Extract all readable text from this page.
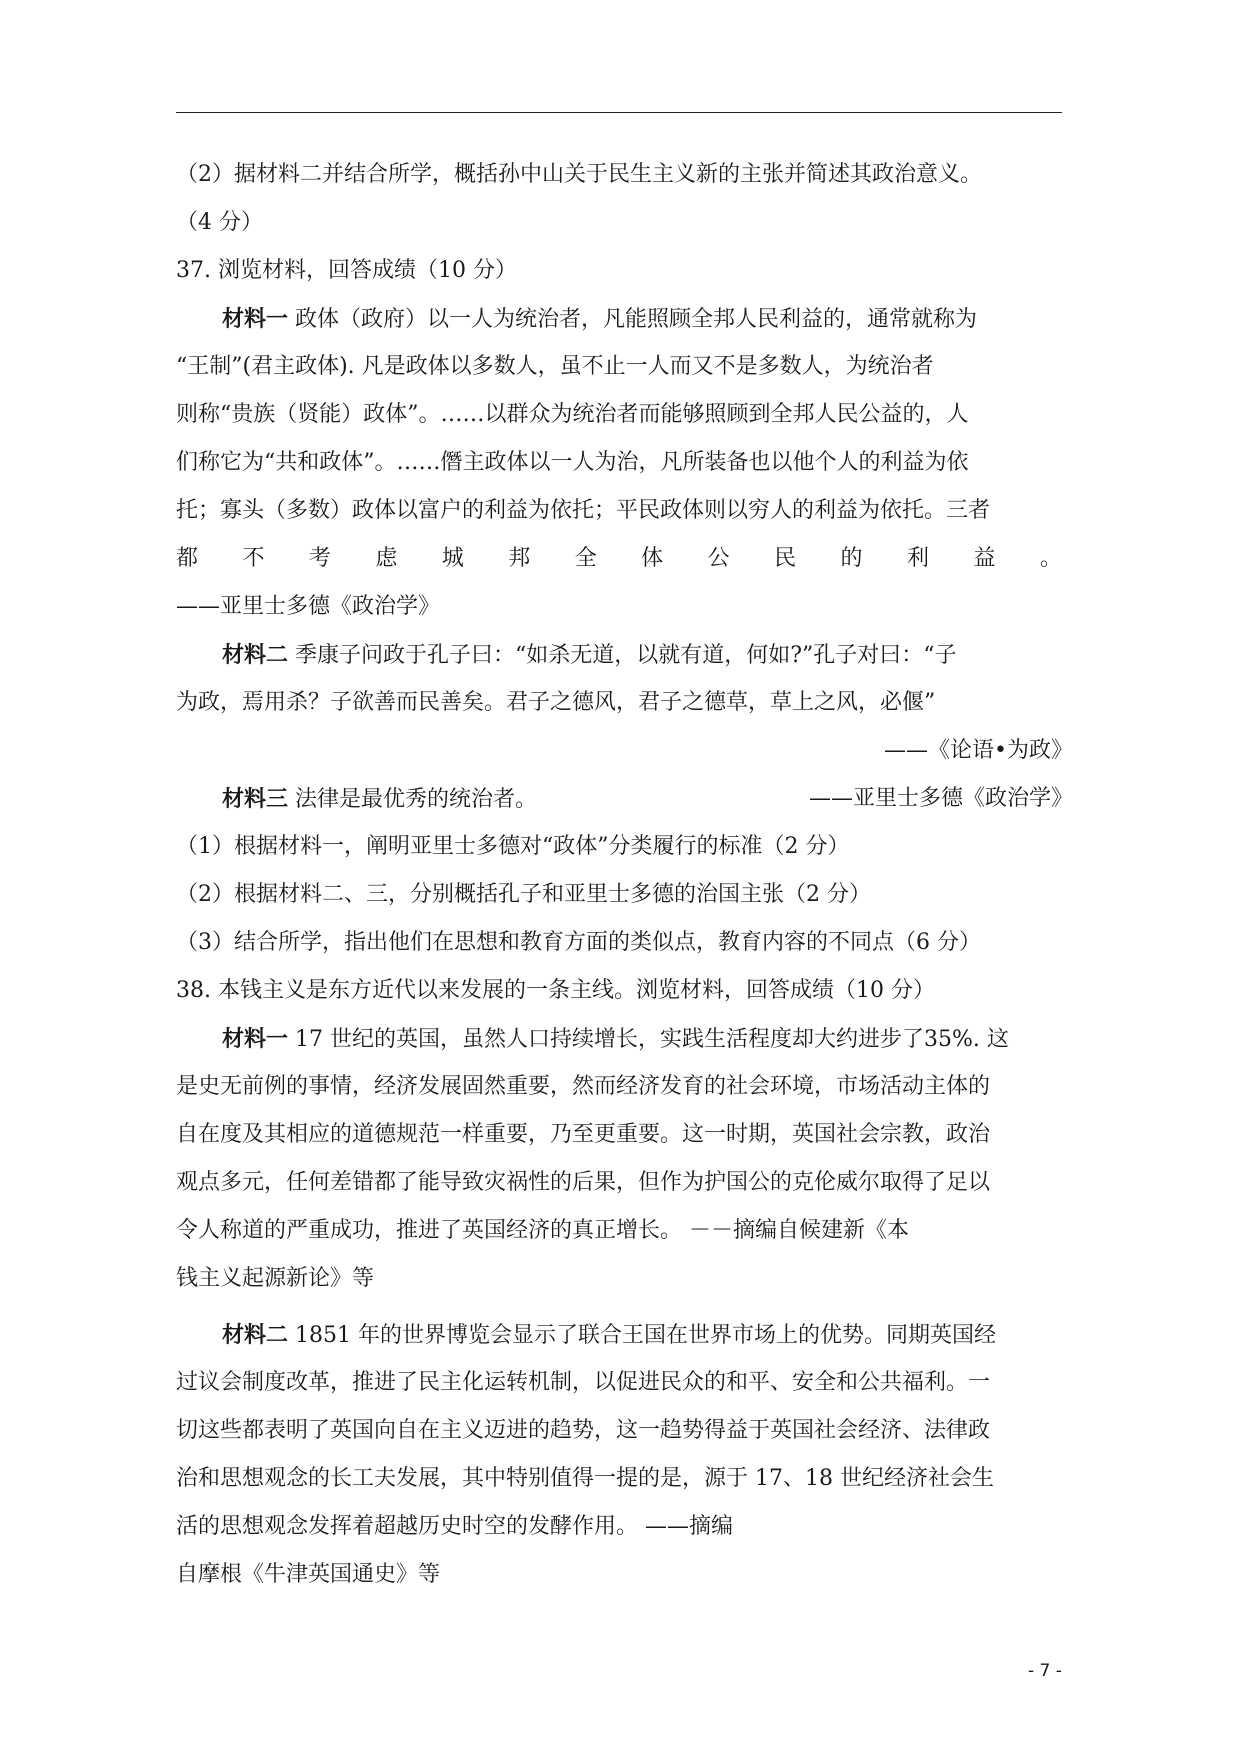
（2）据材料二并结合所学，概括孙中山关于民生主义新的主张并简述其政治意义。
（4 分）
37. 浏览材料，回答成绩（10 分）
材料一 政体（政府）以一人为统治者，凡能照顾全邦人民利益的，通常就称为
“王制”(君主政体). 凡是政体以多数人，虽不止一人而又不是多数人，为统治者
则称“贵族（贤能）政体”。……以群众为统治者而能够照顾到全邦人民公益的，人
们称它为“共和政体”。……僭主政体以一人为治，凡所装备也以他个人的利益为依
托；寡头（多数）政体以富户的利益为依托；平民政体则以穷人的利益为依托。三者
都 不 考 虑 城 邦 全 体 公 民 的 利 益 。
——亚里士多德《政治学》
材料二 季康子问政于孔子曰：“如杀无道，以就有道，何如?”孔子对曰：“子
为政，焉用杀？子欲善而民善矣。君子之德风，君子之德草，草上之风，必偃”
——《论语•为政》
材料三 法律是最优秀的统治者。	——亚里士多德《政治学》
（1）根据材料一，阐明亚里士多德对“政体”分类履行的标准（2 分）
（2）根据材料二、三，分别概括孔子和亚里士多德的治国主张（2 分）
（3）结合所学，指出他们在思想和教育方面的类似点，教育内容的不同点（6 分）
38. 本钱主义是东方近代以来发展的一条主线。浏览材料，回答成绩（10 分）
材料一 17 世纪的英国，虽然人口持续增长，实践生活程度却大约进步了35%. 这
是史无前例的事情，经济发展固然重要，然而经济发育的社会环境，市场活动主体的
自在度及其相应的道德规范一样重要，乃至更重要。这一时期，英国社会宗教，政治
观点多元，任何差错都了能导致灾祸性的后果，但作为护国公的克伦威尔取得了足以
令人称道的严重成功，推进了英国经济的真正增长。 －－摘编自候建新《本
钱主义起源新论》等
材料二 1851 年的世界博览会显示了联合王国在世界市场上的优势。同期英国经
过议会制度改革，推进了民主化运转机制，以促进民众的和平、安全和公共福利。一
切这些都表明了英国向自在主义迈进的趋势，这一趋势得益于英国社会经济、法律政
治和思想观念的长工夫发展，其中特别值得一提的是，源于 17、18 世纪经济社会生
活的思想观念发挥着超越历史时空的发酵作用。 ——摘编
自摩根《牛津英国通史》等
- 7 -
